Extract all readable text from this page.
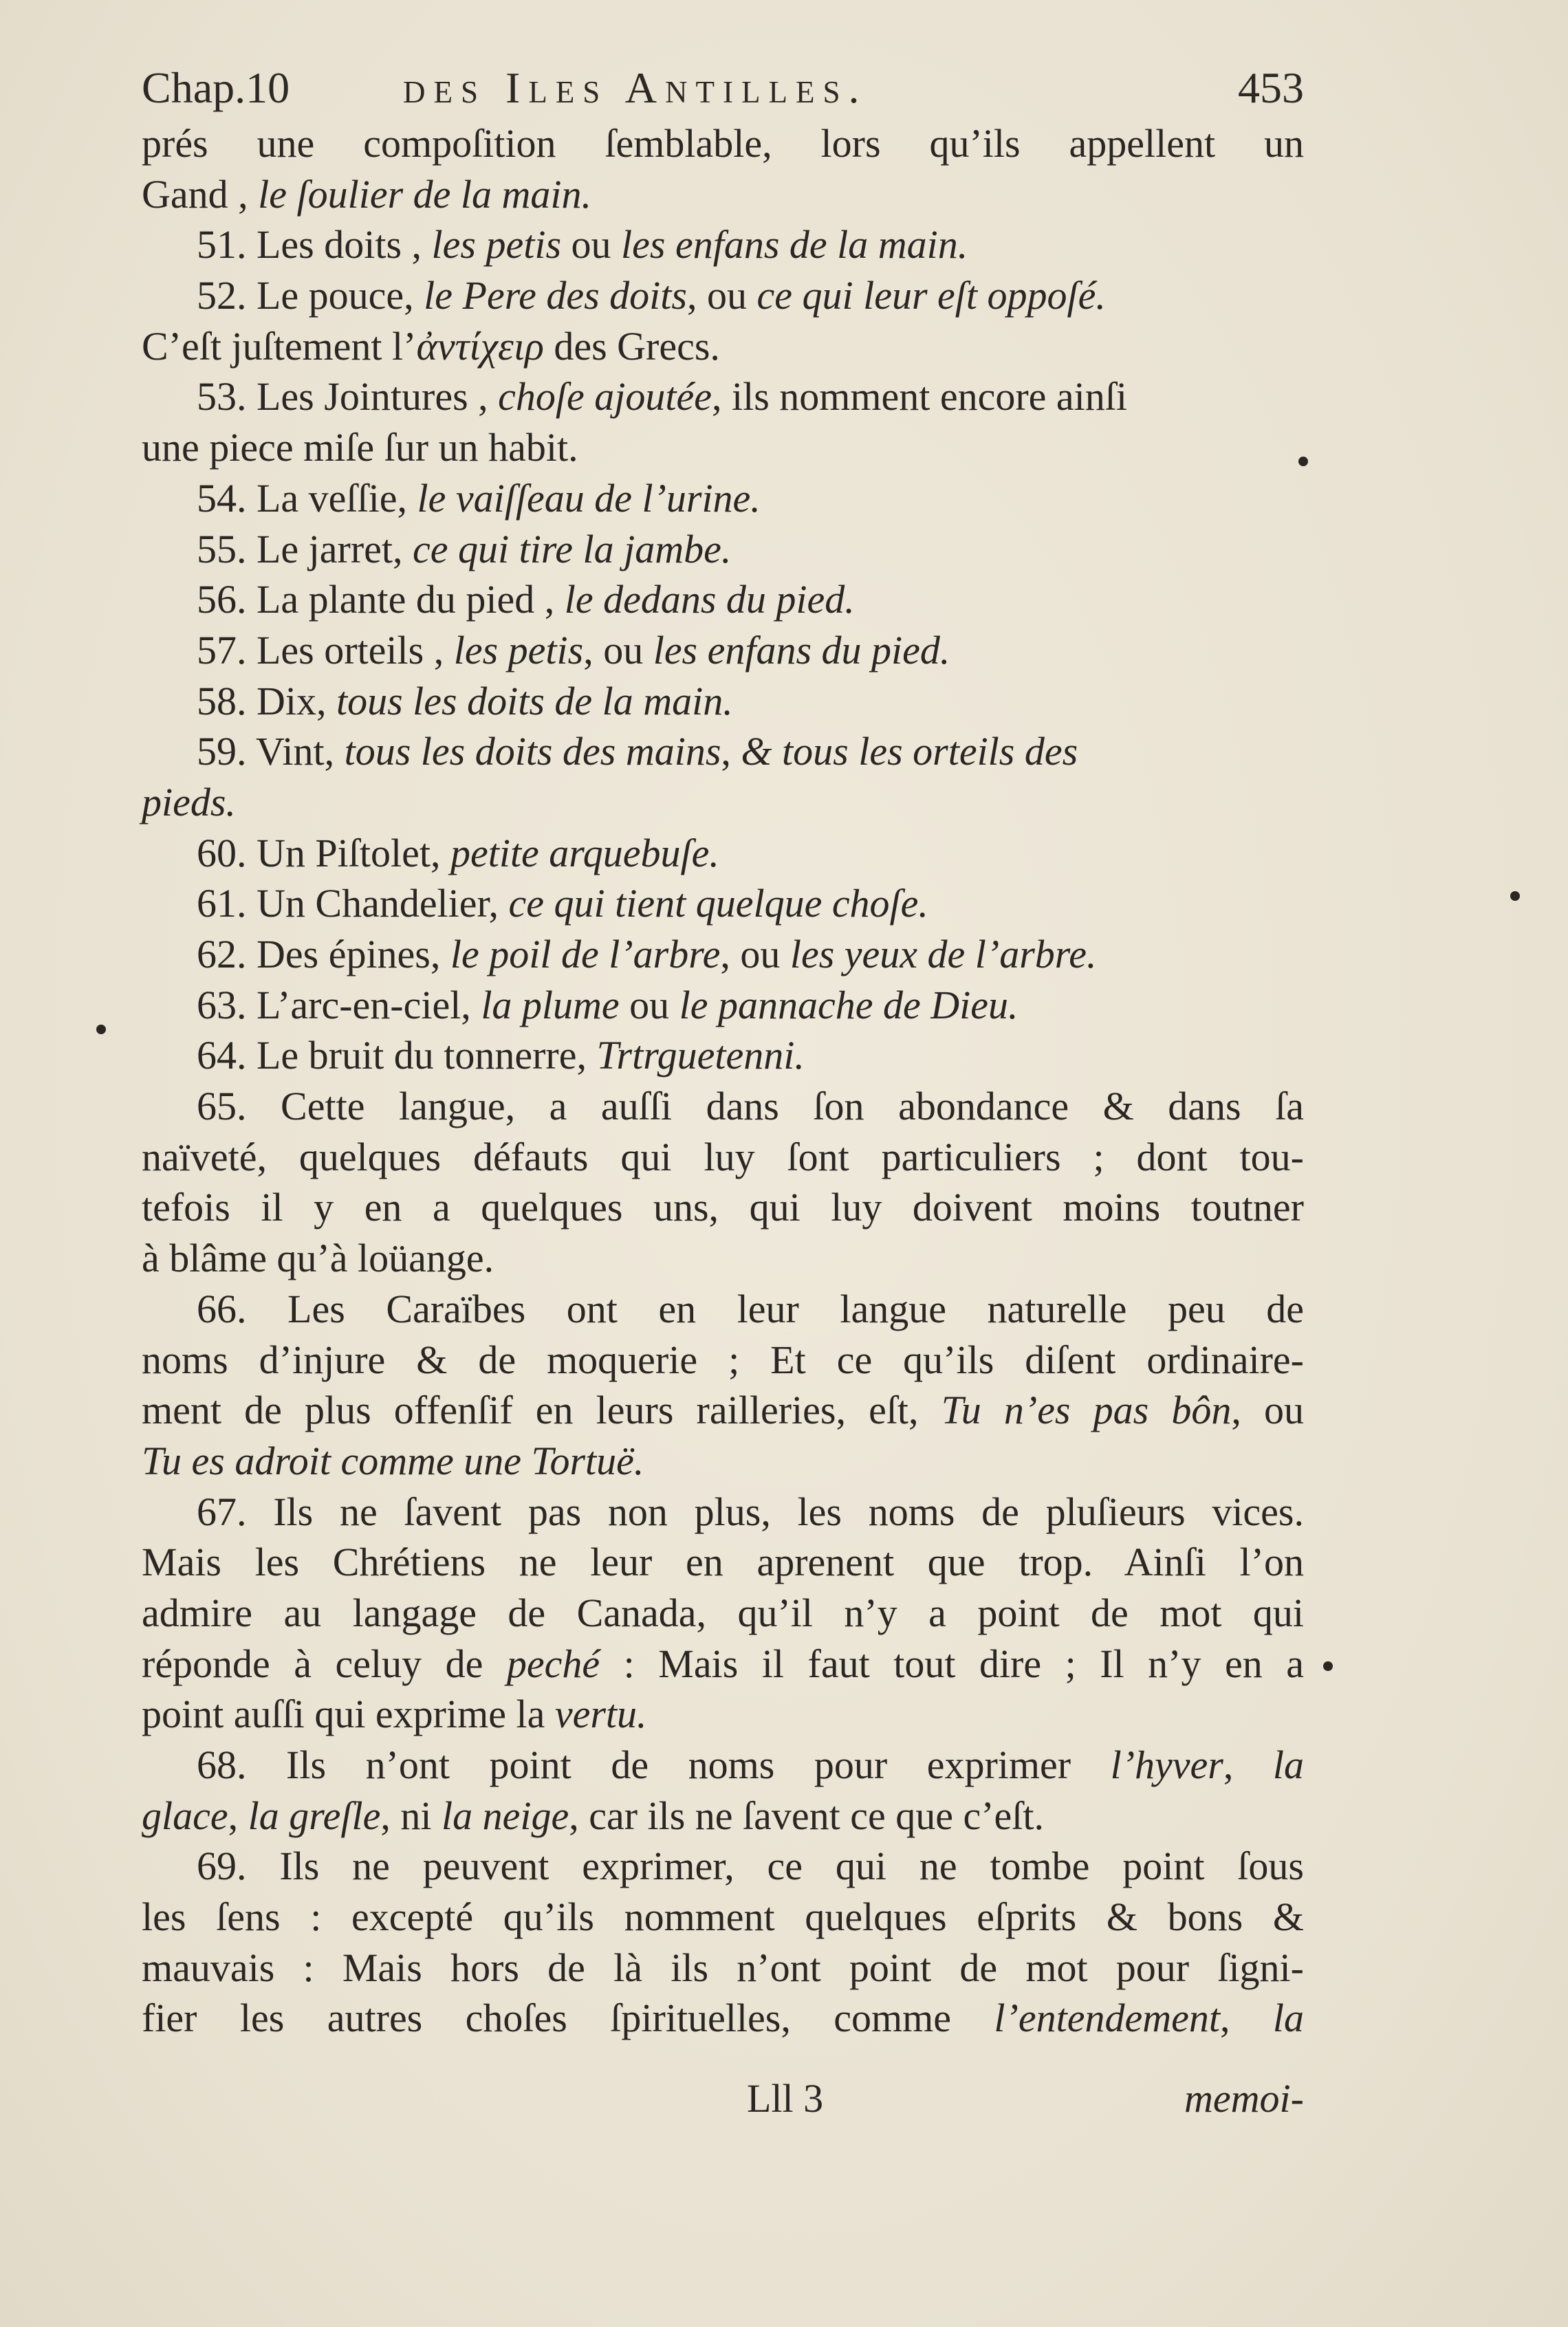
Chap.10	des Iles Antilles.	453
prés une compoſition ſemblable, lors qu’ils appellent un
Gand , le ſoulier de la main.
51. Les doits , les petis ou les enfans de la main.
52. Le pouce, le Pere des doits, ou ce qui leur eſt oppoſé.
C’eſt juſtement l’ἀντίχειρ des Grecs.
53. Les Jointures , choſe ajoutée, ils nomment encore ainſi
une piece miſe ſur un habit.
54. La veſſie, le vaiſſeau de l’urine.
55. Le jarret, ce qui tire la jambe.
56. La plante du pied , le dedans du pied.
57. Les orteils , les petis, ou les enfans du pied.
58. Dix, tous les doits de la main.
59. Vint, tous les doits des mains, & tous les orteils des
pieds.
60. Un Piſtolet, petite arquebuſe.
61. Un Chandelier, ce qui tient quelque choſe.
62. Des épines, le poil de l’arbre, ou les yeux de l’arbre.
63. L’arc-en-ciel, la plume ou le pannache de Dieu.
64. Le bruit du tonnerre, Trtrguetenni.
65. Cette langue, a auſſi dans ſon abondance & dans ſa
naïveté, quelques défauts qui luy ſont particuliers ; dont tou-
tefois il y en a quelques uns, qui luy doivent moins toutner
à blâme qu’à loüange.
66. Les Caraïbes ont en leur langue naturelle peu de
noms d’injure & de moquerie ; Et ce qu’ils diſent ordinaire-
ment de plus offenſif en leurs railleries, eſt, Tu n’es pas bôn, ou
Tu es adroit comme une Tortuë.
67. Ils ne ſavent pas non plus, les noms de pluſieurs vices.
Mais les Chrétiens ne leur en aprenent que trop. Ainſi l’on
admire au langage de Canada, qu’il n’y a point de mot qui
réponde à celuy de peché : Mais il faut tout dire ; Il n’y en a
point auſſi qui exprime la vertu.
68. Ils n’ont point de noms pour exprimer l’hyver, la
glace, la greſle, ni la neige, car ils ne ſavent ce que c’eſt.
69. Ils ne peuvent exprimer, ce qui ne tombe point ſous
les ſens : excepté qu’ils nomment quelques eſprits & bons &
mauvais : Mais hors de là ils n’ont point de mot pour ſigni-
fier les autres choſes ſpirituelles, comme l’entendement, la
Lll 3	memoi-
